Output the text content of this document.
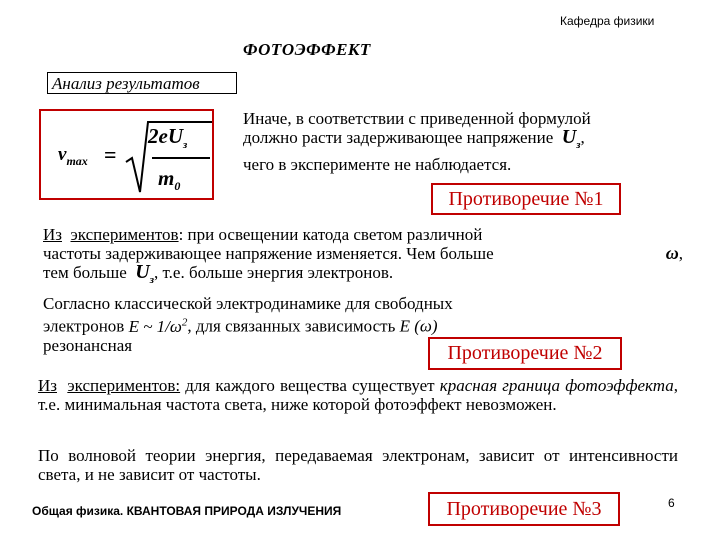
Кафедра физики
ФОТОЭФФЕКТ
Анализ результатов
$v_{max}$ =
$2eU_з$
$m_0$
Иначе, в соответствии с приведенной формулой
должно расти задерживающее напряжение $U_з$,
чего в эксперименте не наблюдается.
Противоречие №1
Из экспериментов: при освещении катода светом различной
частоты задерживающее напряжение изменяется. Чем больше	ω,
тем больше $U_з$, т.е. больше энергия электронов.
Согласно классической электродинамике для свободных
электронов E ~ $1/\omega^2$, для связанных зависимость E (ω)
резонансная	Противоречие №2
Из экспериментов: для каждого вещества существует красная граница фотоэффекта, т.е. минимальная частота света, ниже которой фотоэффект невозможен.
По волновой теории энергия, передаваемая электронам, зависит от интенсивности света, и не зависит от частоты.
Общая физика. КВАНТОВАЯ ПРИРОДА ИЗЛУЧЕНИЯ	Противоречие №3	6
